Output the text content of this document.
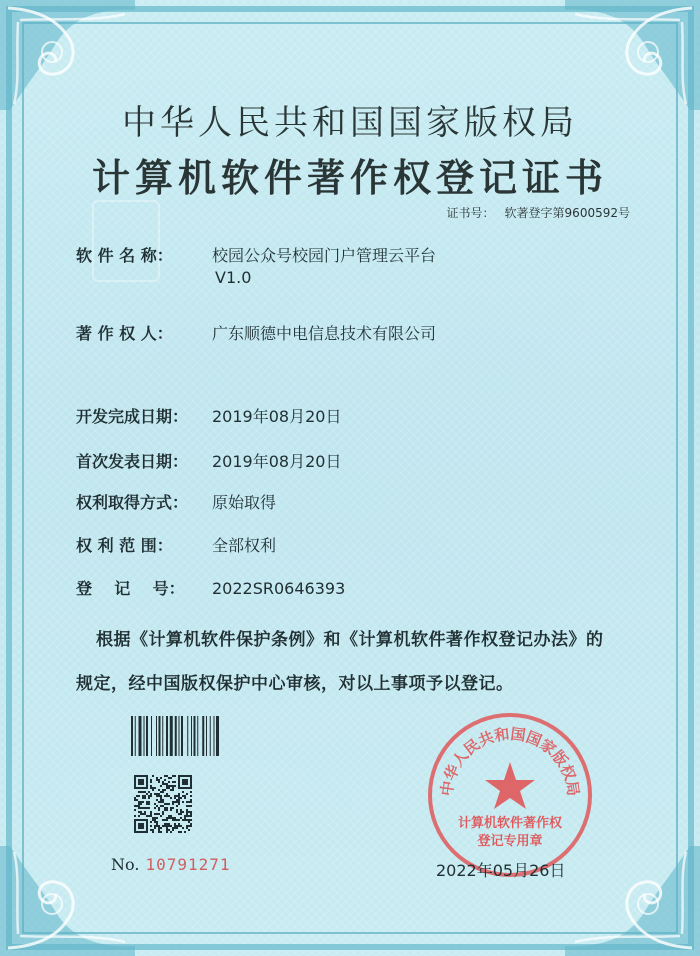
中华人民共和国国家版权局
计算机软件著作权登记证书
证书号： 软著登字第9600592号
软 件 名 称： 校园公众号校园门户管理云平台
V1.0
著 作 权 人： 广东顺德中电信息技术有限公司
开发完成日期： 2019年08月20日
首次发表日期： 2019年08月20日
权利取得方式： 原始取得
权 利 范 围： 全部权利
登    记    号： 2022SR0646393
根据《计算机软件保护条例》和《计算机软件著作权登记办法》的
规定，经中国版权保护中心审核，对以上事项予以登记。
No. 10791271
中华人民共和国国家版权局
计算机软件著作权
登记专用章
2022年05月26日
